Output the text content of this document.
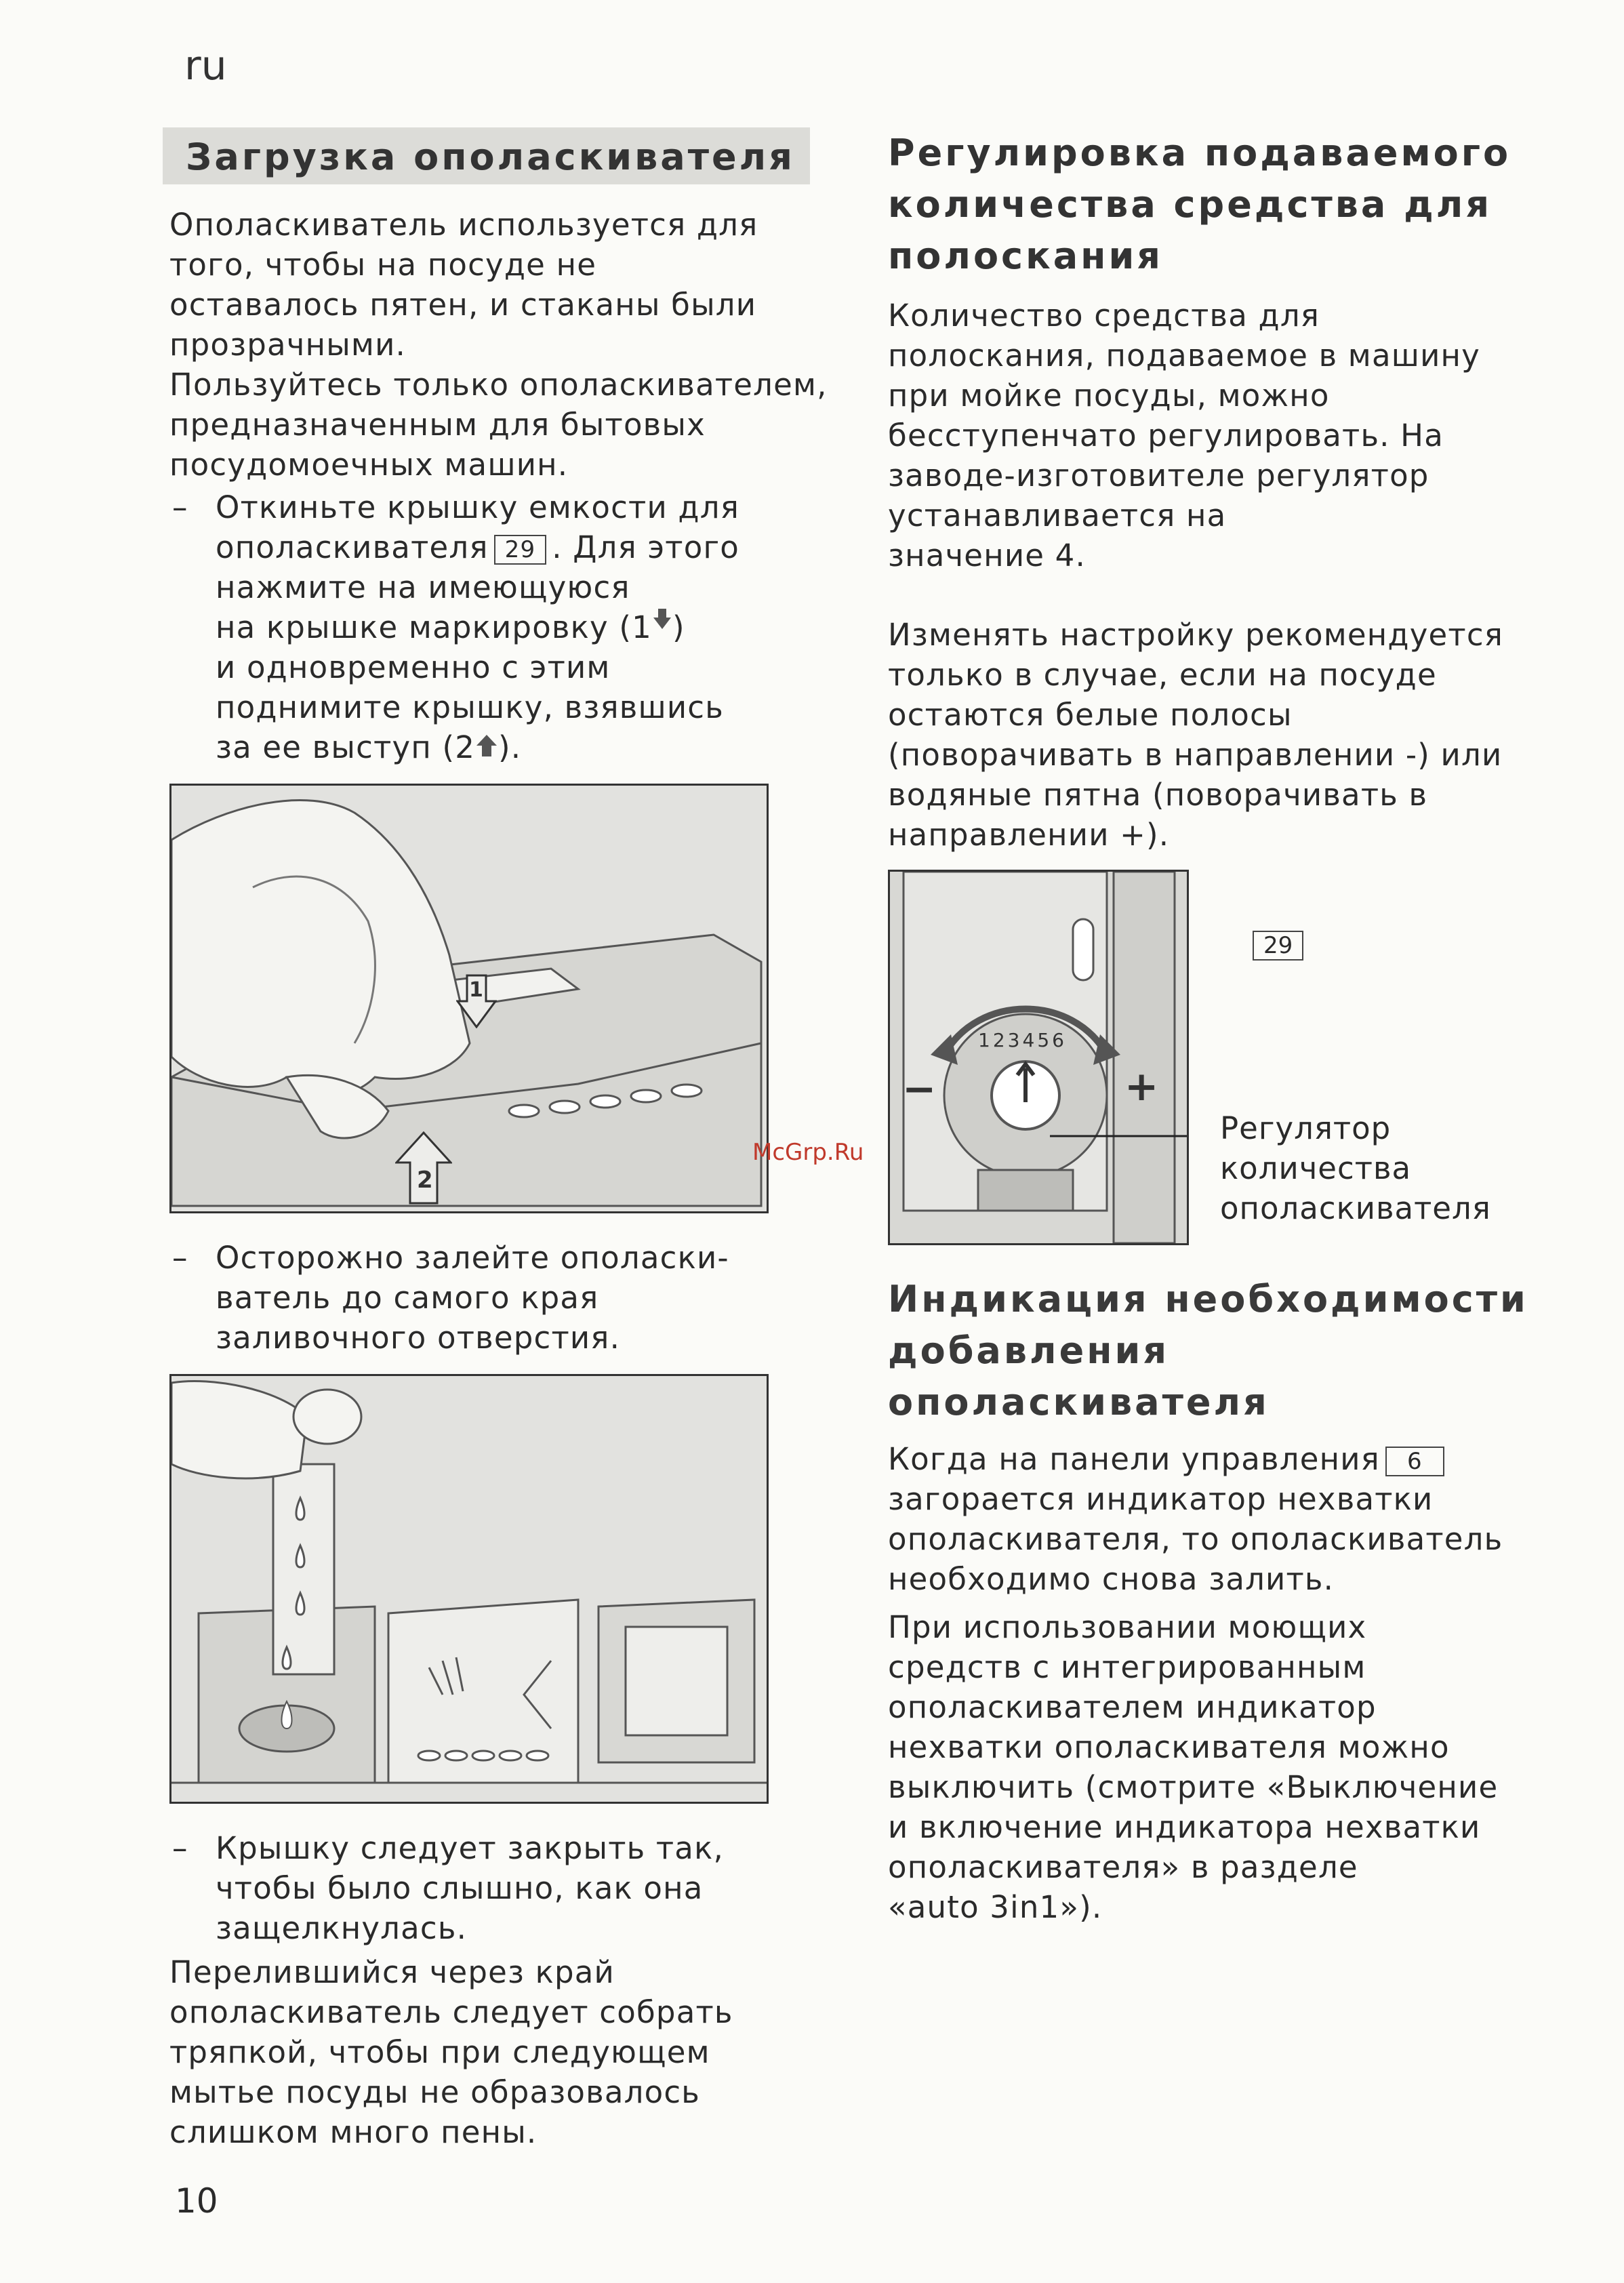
ru
Загрузка ополаскивателя

Ополаскиватель используется для
того, чтобы на посуде не
оставалось пятен, и стаканы были
прозрачными.

Пользуйтесь только ополаскивателем,
предназначенным для бытовых
посудомоечных машин.

– Откиньте крышку емкости для
ополаскивателя 29 . Для этого
нажмите на имеющуюся
на крышке маркировку (1 )
и одновременно с этим
поднимите крышку, взявшись
за ее выступ (2 ).
1
2
– Осторожно залейте ополаски-
ватель до самого края
заливочного отверстия.
– Крышку следует закрыть так,
чтобы было слышно, как она
защелкнулась.

Перелившийся через край
ополаскиватель следует собрать
тряпкой, чтобы при следующем
мытье посуды не образовалось
слишком много пены.

Регулировка подаваемого
количества средства для
полоскания

Количество средства для
полоскания, подаваемое в машину
при мойке посуды, можно
бесступенчато регулировать. На
заводе-изготовителе регулятор
устанавливается на
значение 4.

Изменять настройку рекомендуется
только в случае, если на посуде
остаются белые полосы
(поворачивать в направлении -) или
водяные пятна (поворачивать в
направлении +).

−	+
123456
29
Регулятор
количества
ополаскивателя
Индикация необходимости
добавления ополаскивателя
Когда на панели управления 6
загорается индикатор нехватки
ополаскивателя, то ополаскиватель
необходимо снова залить.

При использовании моющих
средств с интегрированным
ополаскивателем индикатор
нехватки ополаскивателя можно
выключить (смотрите «Выключение
и включение индикатора нехватки
ополаскивателя» в разделе
«auto 3in1»).

McGrp.Ru
10
